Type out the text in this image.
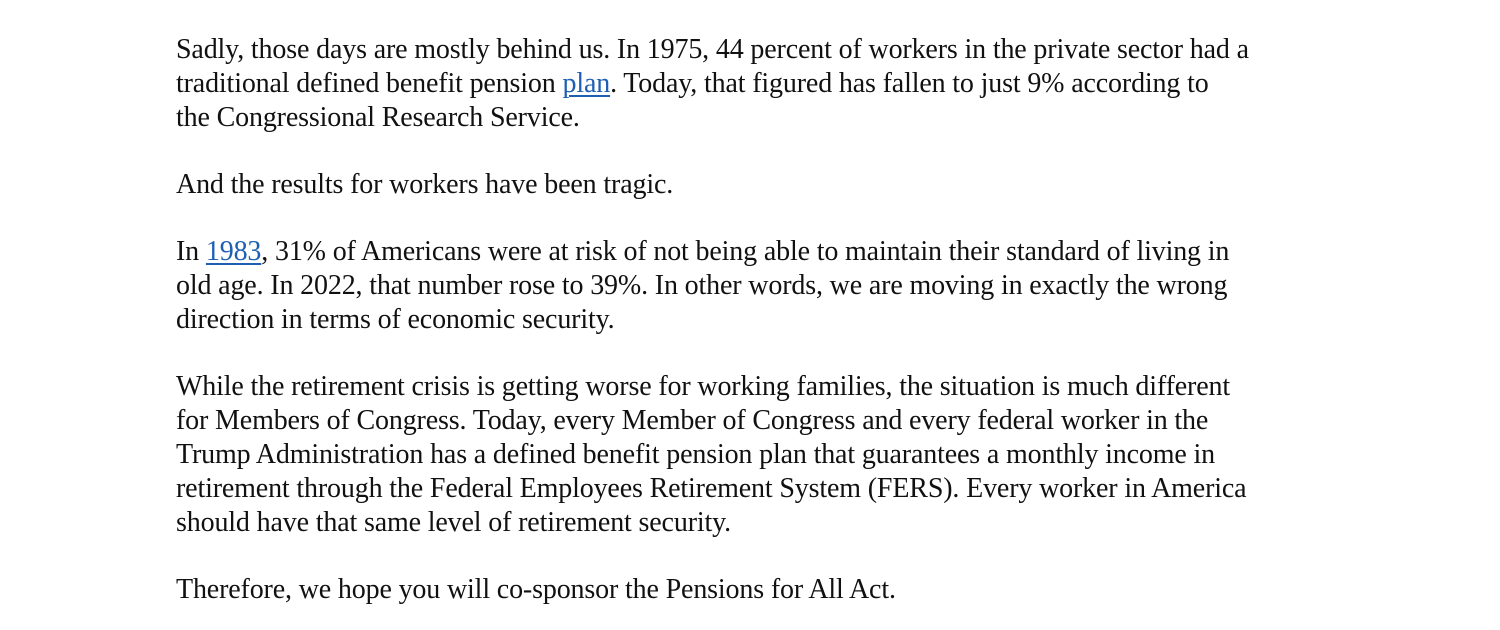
Sadly, those days are mostly behind us. In 1975, 44 percent of workers in the private sector had a
traditional defined benefit pension plan. Today, that figured has fallen to just 9% according to
the Congressional Research Service.
And the results for workers have been tragic.
In 1983, 31% of Americans were at risk of not being able to maintain their standard of living in
old age. In 2022, that number rose to 39%. In other words, we are moving in exactly the wrong
direction in terms of economic security.
While the retirement crisis is getting worse for working families, the situation is much different
for Members of Congress. Today, every Member of Congress and every federal worker in the
Trump Administration has a defined benefit pension plan that guarantees a monthly income in
retirement through the Federal Employees Retirement System (FERS). Every worker in America
should have that same level of retirement security.
Therefore, we hope you will co-sponsor the Pensions for All Act.
